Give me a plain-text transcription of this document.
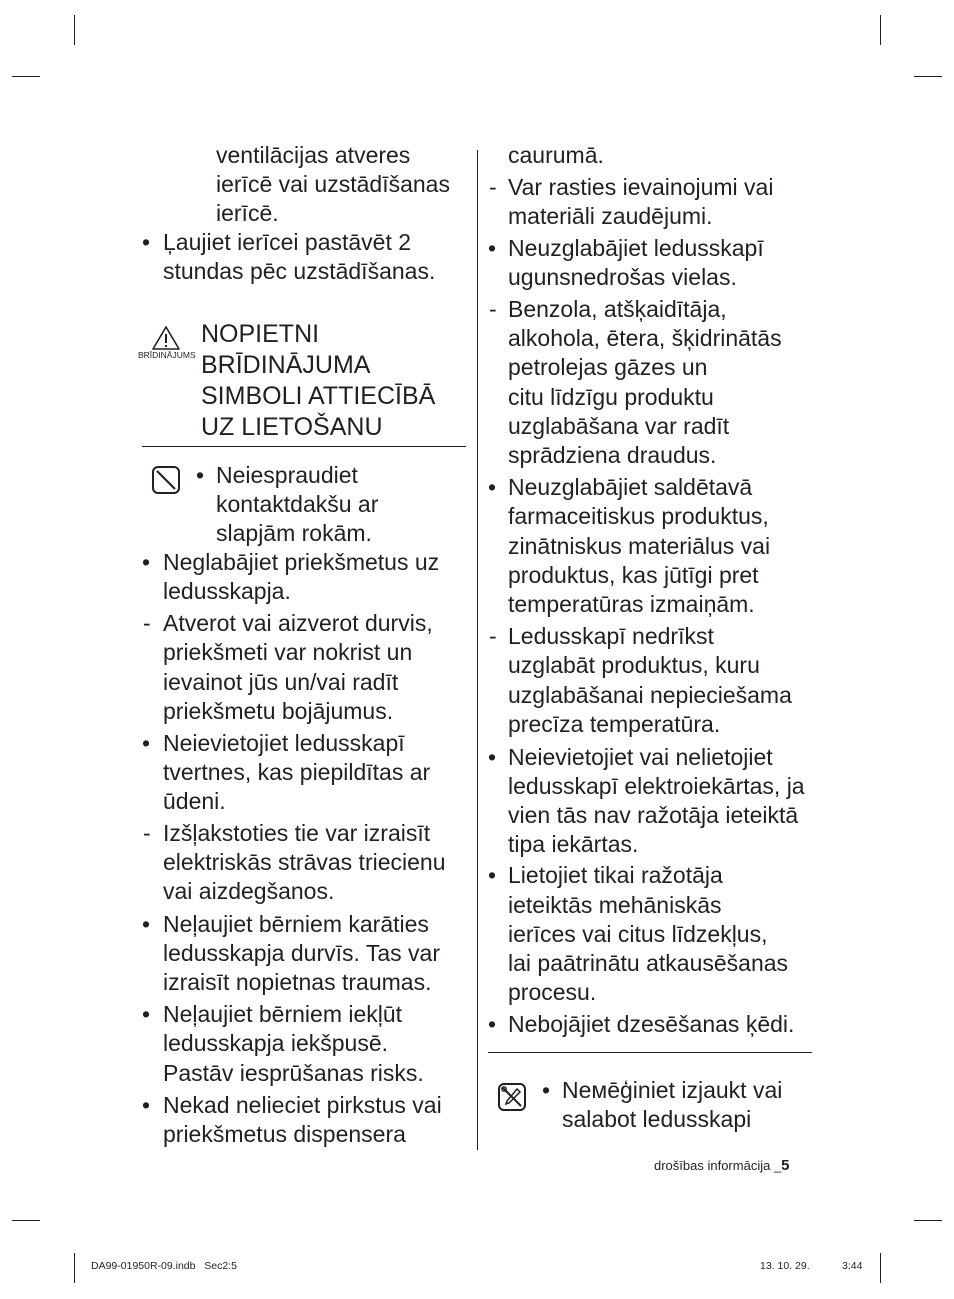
ventilācijas atveres
ierīcē vai uzstādīšanas
ierīcē.
• Ļaujiet ierīcei pastāvēt 2
stundas pēc uzstādīšanas.
BRĪDINĀJUMS
NOPIETNI
BRĪDINĀJUMA
SIMBOLI ATTIECĪBĀ
UZ LIETOŠANU
• Neiespraudiet
kontaktdakšu ar
slapjām rokām.
• Neglabājiet priekšmetus uz
ledusskapja.
- Atverot vai aizverot durvis,
priekšmeti var nokrist un
ievainot jūs un/vai radīt
priekšmetu bojājumus.
• Neievietojiet ledusskapī
tvertnes, kas piepildītas ar
ūdeni.
- Izšļakstoties tie var izraisīt
elektriskās strāvas triecienu
vai aizdegšanos.
• Neļaujiet bērniem karāties
ledusskapja durvīs. Tas var
izraisīt nopietnas traumas.
• Neļaujiet bērniem iekļūt
ledusskapja iekšpusē.
Pastāv iesprūšanas risks.
• Nekad nelieciet pirkstus vai
priekšmetus dispensera
caurumā.
- Var rasties ievainojumi vai
materiāli zaudējumi.
• Neuzglabājiet ledusskapī
ugunsnedrošas vielas.
- Benzola, atšķaidītāja,
alkohola, ētera, šķidrinātās
petrolejas gāzes un
citu līdzīgu produktu
uzglabāšana var radīt
sprādziena draudus.
• Neuzglabājiet saldētavā
farmaceitiskus produktus,
zinātniskus materiālus vai
produktus, kas jūtīgi pret
temperatūras izmaiņām.
- Ledusskapī nedrīkst
uzglabāt produktus, kuru
uzglabāšanai nepieciešama
precīza temperatūra.
• Neievietojiet vai nelietojiet
ledusskapī elektroiekārtas, ja
vien tās nav ražotāja ieteiktā
tipa iekārtas.
• Lietojiet tikai ražotāja
ieteiktās mehāniskās
ierīces vai citus līdzekļus,
lai paātrinātu atkausēšanas
procesu.
• Nebojājiet dzesēšanas ķēdi.
• Neмēģiniet izjaukt vai
salabot ledusskapi
drošības informācija _5
DA99-01950R-09.indb   Sec2:5	13. 10. 29.	3:44
